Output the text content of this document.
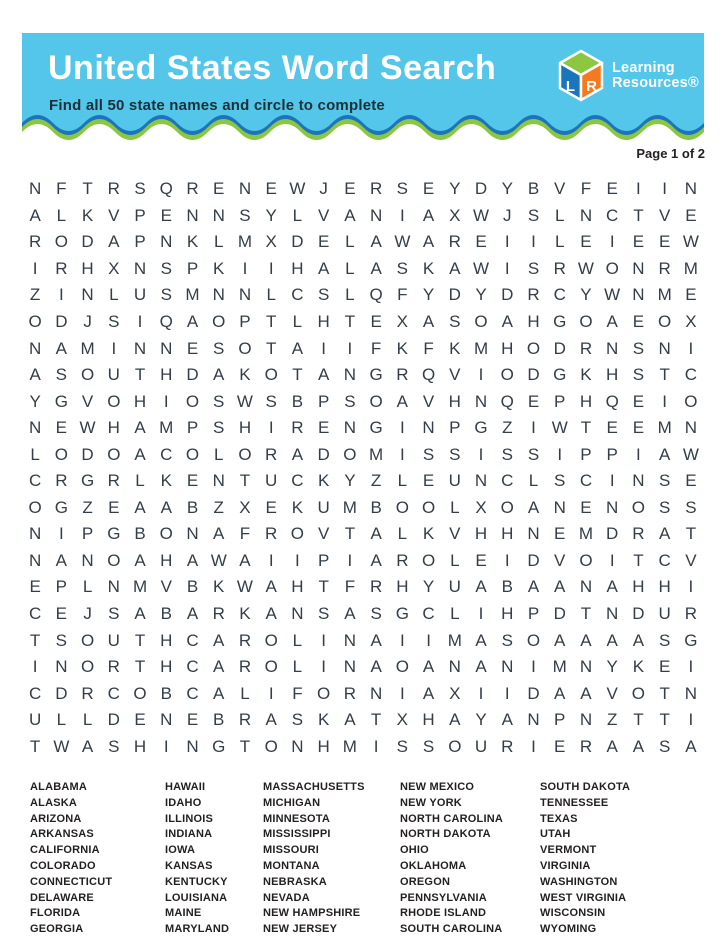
United States Word Search
Find all 50 state names and circle to complete
L R
Learning
Resources®
Page 1 of 2
N F T R S Q R E N E W J E R S E Y D Y B V F E	I	I	N
A L K V P E N N S Y L V A N	I	A X W J S L N C T V E
R O D A P N K L M X D E L A W A R E	I	I	L E	I	E E W
I	R H X N S P K	I	I	H A L A S K A W I	S R W O N R M
Z	I	N L U S M N N L C S L Q F Y D Y D R C Y W N M E
O D J S	I	Q A O P T L H T E X A S O A H G O A E O X
N A M I	N N E S O T A	I	I	F K F K M H O D R N S N	I
A S O U T H D A K O T A N G R Q V	I	O D G K H S T C
Y G V O H	I	O S W S B P S O A V H N Q E P H Q E	I	O
N E W H A M P S H	I	R E N G	I	N P G Z	I W T E E M N
L O D O A C O L O R A D O M I	S S	I	S S	I	P P	I	A W
C R G R L K E N T U C K Y Z L E U N C L S C	I	N S E
O G Z E A A B Z X E K U M B O O L X O A N E N O S S
N	I	P G B O N A F R O V T A L K V H H N E M D R A T
N A N O A H A W A	I	I	P	I	A R O L E	I	D V O	I	T C V
E P L N M V B K W A H T F R H Y U A B A A N A H H	I
C E J S A B A R K A N S A S G C L	I	H P D T N D U R
T S O U T H C A R O L	I	N A	I	I M A S O A A A A S G
I	N O R T H C A R O L	I	N A O A N A N	I M N Y K E	I
C D R C O B C A L	I	F O R N	I	A X	I	I	D A A V O T N
U L L D E N E B R A S K A T X H A Y A N P N Z T T	I
T W A S H	I	N G T O N H M I	S S O U R	I	E R A A S A
ALABAMA
ALASKA
ARIZONA
ARKANSAS
CALIFORNIA
COLORADO
CONNECTICUT
DELAWARE
FLORIDA
GEORGIA
HAWAII
IDAHO
ILLINOIS
INDIANA
IOWA
KANSAS
KENTUCKY
LOUISIANA
MAINE
MARYLAND
MASSACHUSETTS
MICHIGAN
MINNESOTA
MISSISSIPPI
MISSOURI
MONTANA
NEBRASKA
NEVADA
NEW HAMPSHIRE
NEW JERSEY
NEW MEXICO
NEW YORK
NORTH CAROLINA
NORTH DAKOTA
OHIO
OKLAHOMA
OREGON
PENNSYLVANIA
RHODE ISLAND
SOUTH CAROLINA
SOUTH DAKOTA
TENNESSEE
TEXAS
UTAH
VERMONT
VIRGINIA
WASHINGTON
WEST VIRGINIA
WISCONSIN
WYOMING
